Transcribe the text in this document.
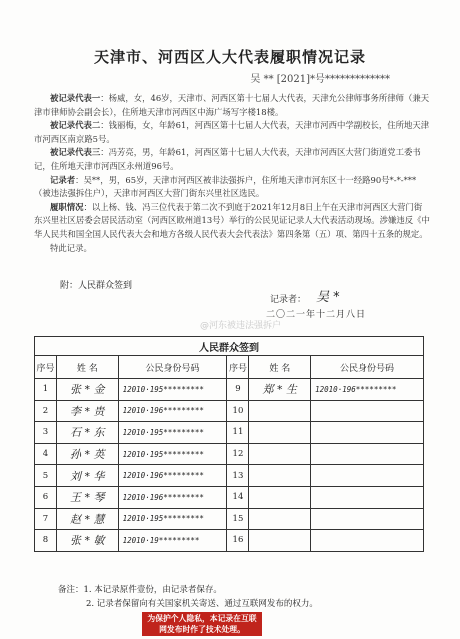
天津市、河西区人大代表履职情况记录
吴 ** [2021]*号*************

被记录代表一：杨威，女，46岁，天津市、河西区第十七届人大代表，天津允公律师事务所律师（兼天津市律师协会副会长），住所地天津市河西区中海广场写字楼18楼。

被记录代表二：钱丽梅，女，年龄61，河西区第十七届人大代表，天津市河西中学副校长，住所地天津市河西区南京路5号。

被记录代表三：冯芳亮，男，年龄61，河西区第十七届人大代表，天津市河西区大营门街道党工委书记，住所地天津市河西区永州道96号。

记录者：吴**，男，65岁，天津市河西区被非法强拆户，住所地天津市河东区十一经路90号*-*-***（被违法强拆住户），天津市河西区大营门街东兴里社区选民。

履职情况：以上杨、钱、冯三位代表于第二次不到庭于2021年12月8日上午在天津市河西区大营门街东兴里社区居委会居民活动室（河西区欧州道13号）举行的公民见证记录人大代表活动现场。涉嫌违反《中华人民共和国全国人民代表大会和地方各级人民代表大会代表法》第四条第（五）项、第四十五条的规定。

特此记录。

附：人民群众签到
记录者： 吴 *
二〇二一年十二月八日
@河东被违法强拆户
人民群众签到					
序号	姓 名	公民身份号码	序号	姓 名	公民身份号码
1	张 * 金	12010·195*********	9	郑 * 生	12010·196*********
2	李 * 贵	12010·196*********	10		
3	石 * 东	12010·195*********	11		
4	孙 * 英	12010·195*********	12		
5	刘 * 华	12010·196*********	13		
6	王 * 琴	12010·196*********	14		
7	赵 * 慧	12010·195*********	15		
8	张 * 敏	12010·19*********	16		
备注：1. 本记录原件壹份，由记录者保存。
2. 记录者保留向有关国家机关寄送、通过互联网发布的权力。
为保护个人隐私，本记录在互联网发布时作了技术处理。
